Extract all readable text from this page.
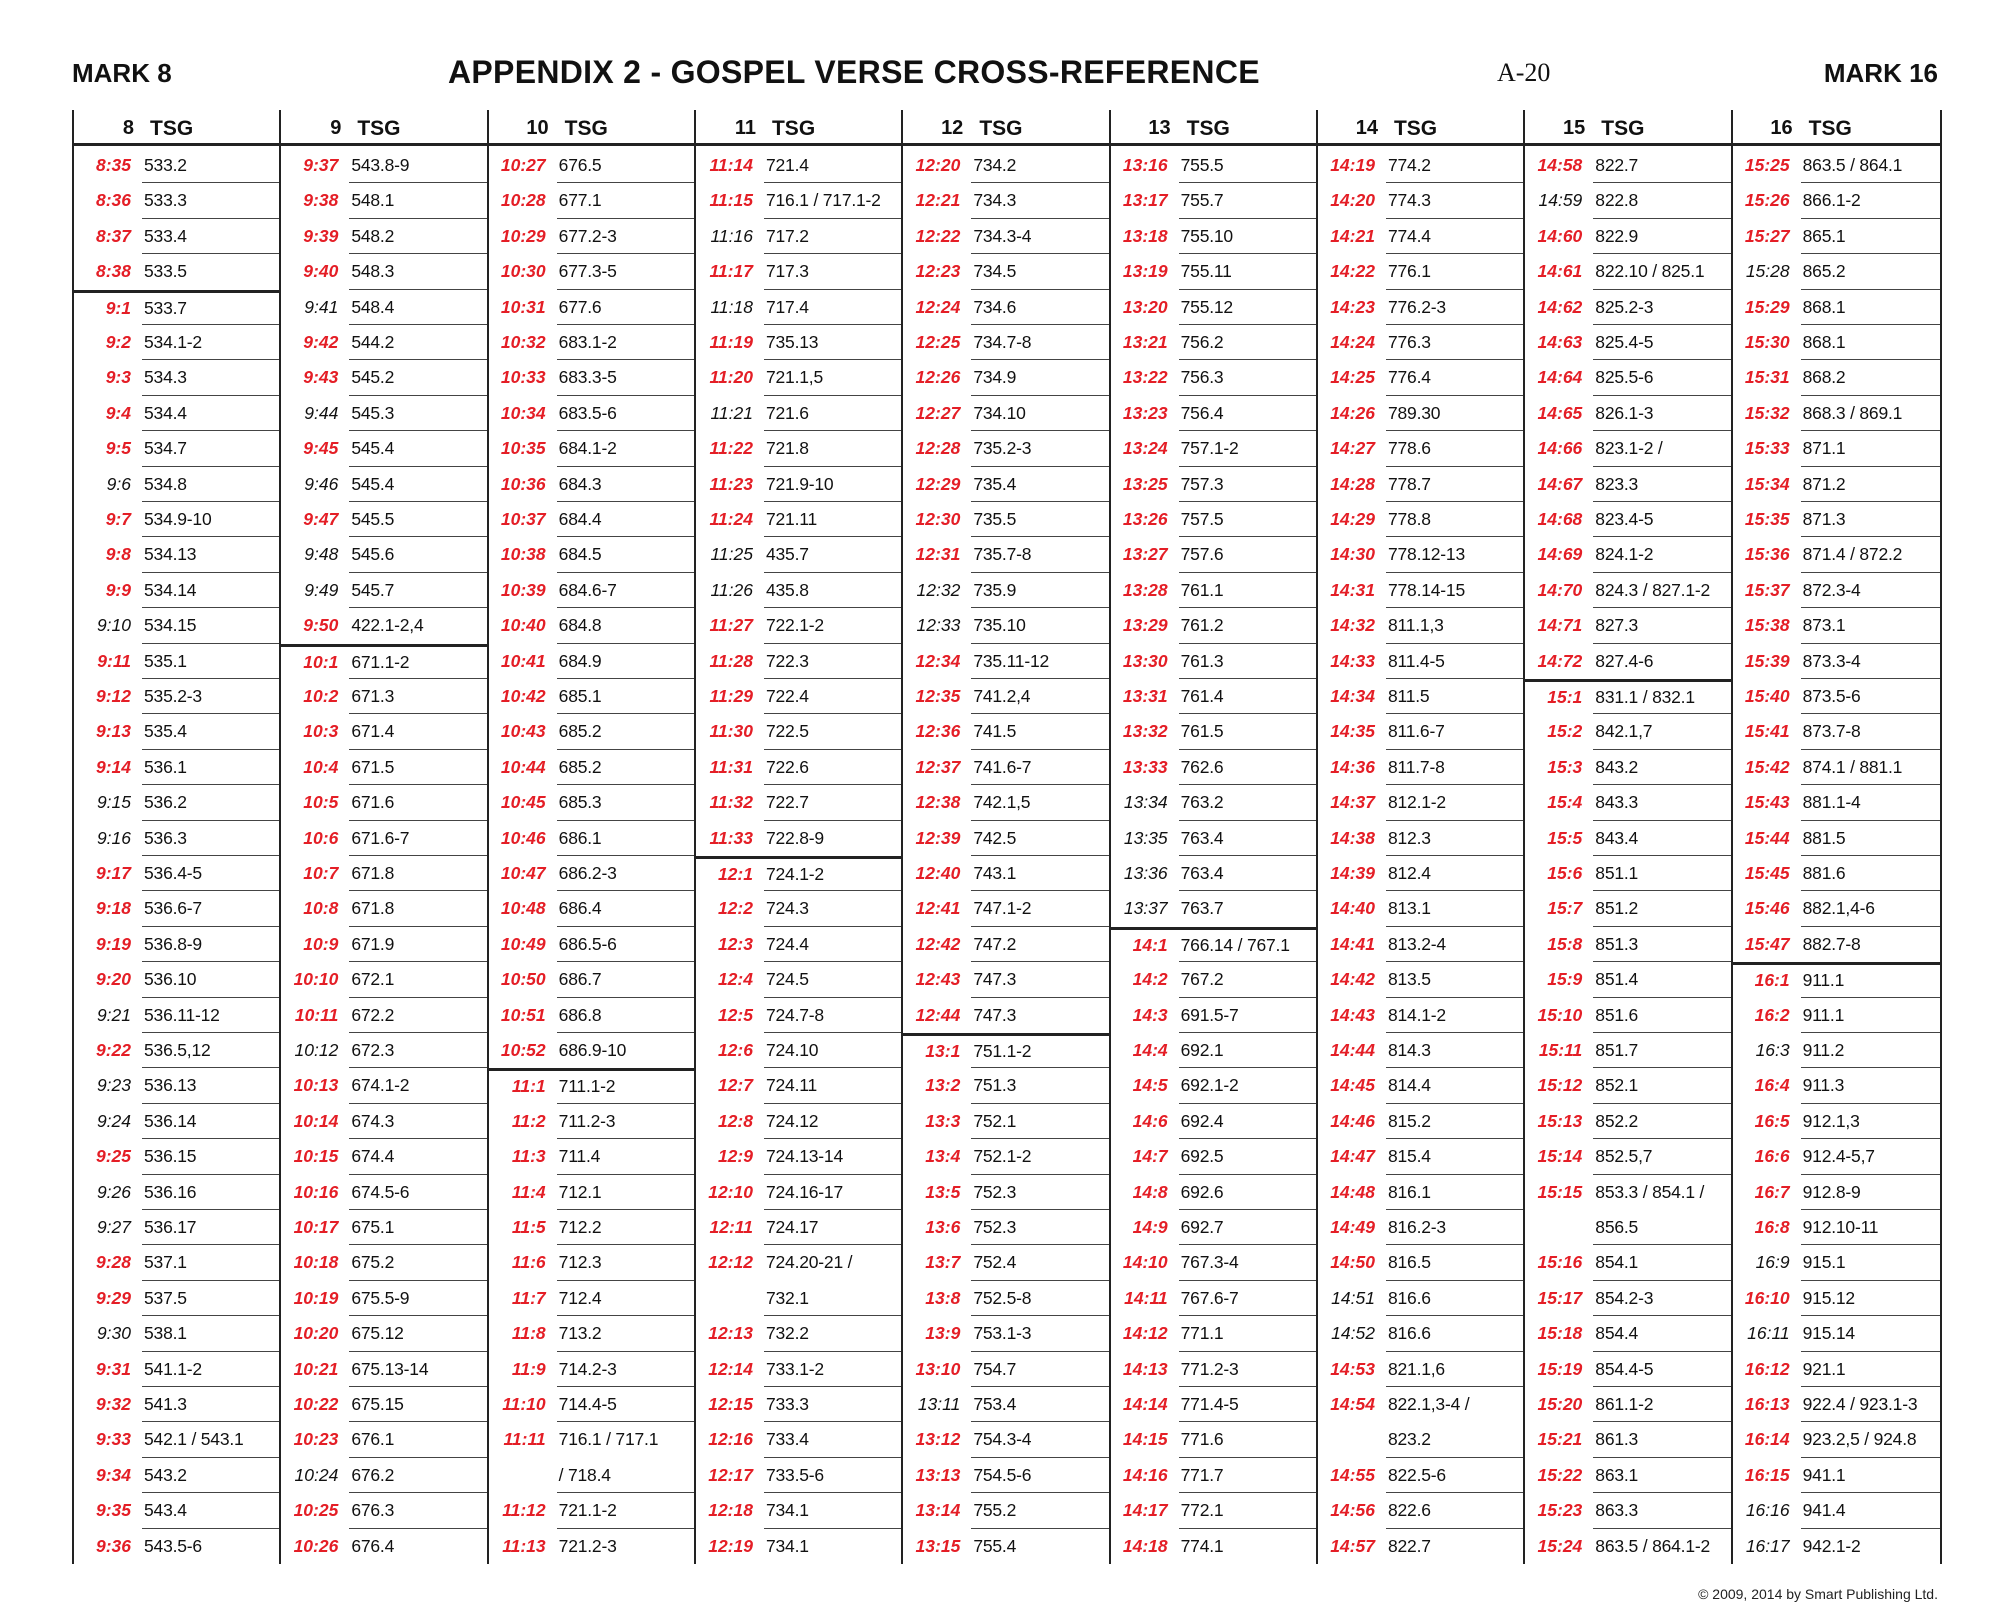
MARK 8	APPENDIX 2 - GOSPEL VERSE CROSS-REFERENCE	A-20	MARK 16
8 TSG
8:35 533.2
8:36 533.3
8:37 533.4
8:38 533.5
9:1 533.7
9:2 534.1-2
9:3 534.3
9:4 534.4
9:5 534.7
9:6 534.8
9:7 534.9-10
9:8 534.13
9:9 534.14
9:10 534.15
9:11 535.1
9:12 535.2-3
9:13 535.4
9:14 536.1
9:15 536.2
9:16 536.3
9:17 536.4-5
9:18 536.6-7
9:19 536.8-9
9:20 536.10
9:21 536.11-12
9:22 536.5,12
9:23 536.13
9:24 536.14
9:25 536.15
9:26 536.16
9:27 536.17
9:28 537.1
9:29 537.5
9:30 538.1
9:31 541.1-2
9:32 541.3
9:33 542.1 / 543.1
9:34 543.2
9:35 543.4
9:36 543.5-6
9 TSG
9:37 543.8-9
9:38 548.1
9:39 548.2
9:40 548.3
9:41 548.4
9:42 544.2
9:43 545.2
9:44 545.3
9:45 545.4
9:46 545.4
9:47 545.5
9:48 545.6
9:49 545.7
9:50 422.1-2,4
10:1 671.1-2
10:2 671.3
10:3 671.4
10:4 671.5
10:5 671.6
10:6 671.6-7
10:7 671.8
10:8 671.8
10:9 671.9
10:10 672.1
10:11 672.2
10:12 672.3
10:13 674.1-2
10:14 674.3
10:15 674.4
10:16 674.5-6
10:17 675.1
10:18 675.2
10:19 675.5-9
10:20 675.12
10:21 675.13-14
10:22 675.15
10:23 676.1
10:24 676.2
10:25 676.3
10:26 676.4
10 TSG
10:27 676.5
10:28 677.1
10:29 677.2-3
10:30 677.3-5
10:31 677.6
10:32 683.1-2
10:33 683.3-5
10:34 683.5-6
10:35 684.1-2
10:36 684.3
10:37 684.4
10:38 684.5
10:39 684.6-7
10:40 684.8
10:41 684.9
10:42 685.1
10:43 685.2
10:44 685.2
10:45 685.3
10:46 686.1
10:47 686.2-3
10:48 686.4
10:49 686.5-6
10:50 686.7
10:51 686.8
10:52 686.9-10
11:1 711.1-2
11:2 711.2-3
11:3 711.4
11:4 712.1
11:5 712.2
11:6 712.3
11:7 712.4
11:8 713.2
11:9 714.2-3
11:10 714.4-5
11:11 716.1 / 717.1
/ 718.4
11:12 721.1-2
11:13 721.2-3
11 TSG
11:14 721.4
11:15 716.1 / 717.1-2
11:16 717.2
11:17 717.3
11:18 717.4
11:19 735.13
11:20 721.1,5
11:21 721.6
11:22 721.8
11:23 721.9-10
11:24 721.11
11:25 435.7
11:26 435.8
11:27 722.1-2
11:28 722.3
11:29 722.4
11:30 722.5
11:31 722.6
11:32 722.7
11:33 722.8-9
12:1 724.1-2
12:2 724.3
12:3 724.4
12:4 724.5
12:5 724.7-8
12:6 724.10
12:7 724.11
12:8 724.12
12:9 724.13-14
12:10 724.16-17
12:11 724.17
12:12 724.20-21 /
732.1
12:13 732.2
12:14 733.1-2
12:15 733.3
12:16 733.4
12:17 733.5-6
12:18 734.1
12:19 734.1
12 TSG
12:20 734.2
12:21 734.3
12:22 734.3-4
12:23 734.5
12:24 734.6
12:25 734.7-8
12:26 734.9
12:27 734.10
12:28 735.2-3
12:29 735.4
12:30 735.5
12:31 735.7-8
12:32 735.9
12:33 735.10
12:34 735.11-12
12:35 741.2,4
12:36 741.5
12:37 741.6-7
12:38 742.1,5
12:39 742.5
12:40 743.1
12:41 747.1-2
12:42 747.2
12:43 747.3
12:44 747.3
13:1 751.1-2
13:2 751.3
13:3 752.1
13:4 752.1-2
13:5 752.3
13:6 752.3
13:7 752.4
13:8 752.5-8
13:9 753.1-3
13:10 754.7
13:11 753.4
13:12 754.3-4
13:13 754.5-6
13:14 755.2
13:15 755.4
13 TSG
13:16 755.5
13:17 755.7
13:18 755.10
13:19 755.11
13:20 755.12
13:21 756.2
13:22 756.3
13:23 756.4
13:24 757.1-2
13:25 757.3
13:26 757.5
13:27 757.6
13:28 761.1
13:29 761.2
13:30 761.3
13:31 761.4
13:32 761.5
13:33 762.6
13:34 763.2
13:35 763.4
13:36 763.4
13:37 763.7
14:1 766.14 / 767.1
14:2 767.2
14:3 691.5-7
14:4 692.1
14:5 692.1-2
14:6 692.4
14:7 692.5
14:8 692.6
14:9 692.7
14:10 767.3-4
14:11 767.6-7
14:12 771.1
14:13 771.2-3
14:14 771.4-5
14:15 771.6
14:16 771.7
14:17 772.1
14:18 774.1
14 TSG
14:19 774.2
14:20 774.3
14:21 774.4
14:22 776.1
14:23 776.2-3
14:24 776.3
14:25 776.4
14:26 789.30
14:27 778.6
14:28 778.7
14:29 778.8
14:30 778.12-13
14:31 778.14-15
14:32 811.1,3
14:33 811.4-5
14:34 811.5
14:35 811.6-7
14:36 811.7-8
14:37 812.1-2
14:38 812.3
14:39 812.4
14:40 813.1
14:41 813.2-4
14:42 813.5
14:43 814.1-2
14:44 814.3
14:45 814.4
14:46 815.2
14:47 815.4
14:48 816.1
14:49 816.2-3
14:50 816.5
14:51 816.6
14:52 816.6
14:53 821.1,6
14:54 822.1,3-4 /
823.2
14:55 822.5-6
14:56 822.6
14:57 822.7
15 TSG
14:58 822.7
14:59 822.8
14:60 822.9
14:61 822.10 / 825.1
14:62 825.2-3
14:63 825.4-5
14:64 825.5-6
14:65 826.1-3
14:66 823.1-2 /
14:67 823.3
14:68 823.4-5
14:69 824.1-2
14:70 824.3 / 827.1-2
14:71 827.3
14:72 827.4-6
15:1 831.1 / 832.1
15:2 842.1,7
15:3 843.2
15:4 843.3
15:5 843.4
15:6 851.1
15:7 851.2
15:8 851.3
15:9 851.4
15:10 851.6
15:11 851.7
15:12 852.1
15:13 852.2
15:14 852.5,7
15:15 853.3 / 854.1 /
856.5
15:16 854.1
15:17 854.2-3
15:18 854.4
15:19 854.4-5
15:20 861.1-2
15:21 861.3
15:22 863.1
15:23 863.3
15:24 863.5 / 864.1-2
16 TSG
15:25 863.5 / 864.1
15:26 866.1-2
15:27 865.1
15:28 865.2
15:29 868.1
15:30 868.1
15:31 868.2
15:32 868.3 / 869.1
15:33 871.1
15:34 871.2
15:35 871.3
15:36 871.4 / 872.2
15:37 872.3-4
15:38 873.1
15:39 873.3-4
15:40 873.5-6
15:41 873.7-8
15:42 874.1 / 881.1
15:43 881.1-4
15:44 881.5
15:45 881.6
15:46 882.1,4-6
15:47 882.7-8
16:1 911.1
16:2 911.1
16:3 911.2
16:4 911.3
16:5 912.1,3
16:6 912.4-5,7
16:7 912.8-9
16:8 912.10-11
16:9 915.1
16:10 915.12
16:11 915.14
16:12 921.1
16:13 922.4 / 923.1-3
16:14 923.2,5 / 924.8
16:15 941.1
16:16 941.4
16:17 942.1-2
© 2009, 2014 by Smart Publishing Ltd.
